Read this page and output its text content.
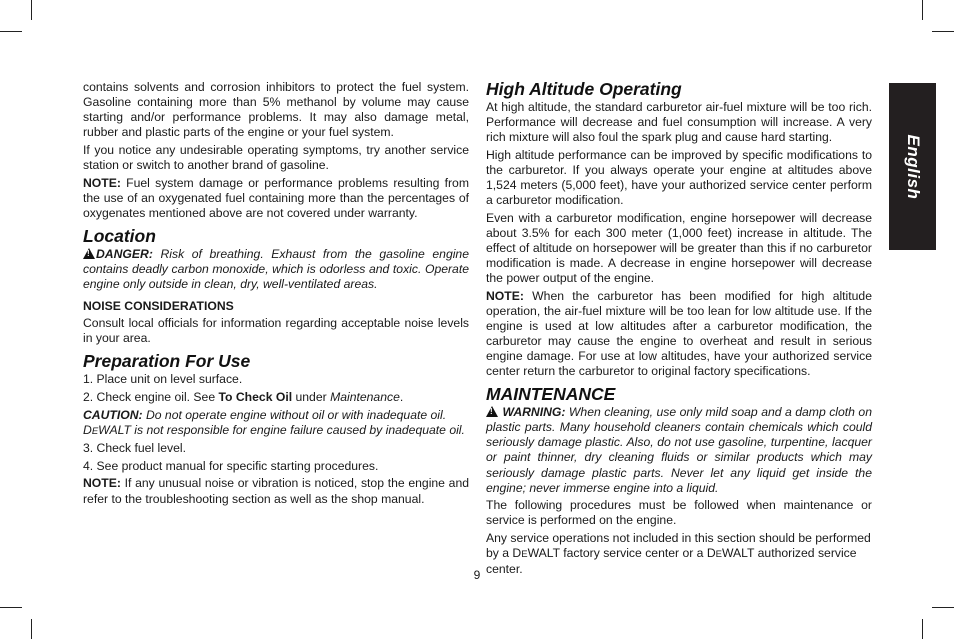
contains solvents and corrosion inhibitors to protect the fuel system. Gasoline containing more than 5% methanol by volume may cause starting and/or performance problems. It may also damage metal, rubber and plastic parts of the engine or your fuel system.

If you notice any undesirable operating symptoms, try another service station or switch to another brand of gasoline.

NOTE: Fuel system damage or performance problems resulting from the use of an oxygenated fuel containing more than the percentages of oxygenates mentioned above are not covered under warranty.

Location

!DANGER: Risk of breathing. Exhaust from the gasoline engine contains deadly carbon monoxide, which is odorless and toxic. Operate engine only outside in clean, dry, well-ventilated areas.

NOISE CONSIDERATIONS

Consult local officials for information regarding acceptable noise levels in your area.

Preparation For Use

1. Place unit on level surface.

2. Check engine oil. See To Check Oil under Maintenance.

CAUTION: Do not operate engine without oil or with inadequate oil. DEWALT is not responsible for engine failure caused by inadequate oil.

3. Check fuel level.

4. See product manual for specific starting procedures.

NOTE: If any unusual noise or vibration is noticed, stop the engine and refer to the troubleshooting section as well as the shop manual.

High Altitude Operating

At high altitude, the standard carburetor air-fuel mixture will be too rich. Performance will decrease and fuel consumption will increase. A very rich mixture will also foul the spark plug and cause hard starting.

High altitude performance can be improved by specific modifications to the carburetor. If you always operate your engine at altitudes above 1,524 meters (5,000 feet), have your authorized service center perform a carburetor modification.

Even with a carburetor modification, engine horsepower will decrease about 3.5% for each 300 meter (1,000 feet) increase in altitude. The effect of altitude on horsepower will be greater than this if no carburetor modification is made. A decrease in engine horsepower will decrease the power output of the engine.

NOTE: When the carburetor has been modified for high altitude operation, the air-fuel mixture will be too lean for low altitude use. If the engine is used at low altitudes after a carburetor modification, the carburetor may cause the engine to overheat and result in serious engine damage. For use at low altitudes, have your authorized service center return the carburetor to original factory specifications.

MAINTENANCE

! WARNING: When cleaning, use only mild soap and a damp cloth on plastic parts. Many household cleaners contain chemicals which could seriously damage plastic. Also, do not use gasoline, turpentine, lacquer or paint thinner, dry cleaning fluids or similar products which may seriously damage plastic parts. Never let any liquid get inside the engine; never immerse engine into a liquid.

The following procedures must be followed when maintenance or service is performed on the engine.

Any service operations not included in this section should be performed by a DEWALT factory service center or a DEWALT authorized service center.

English
9
